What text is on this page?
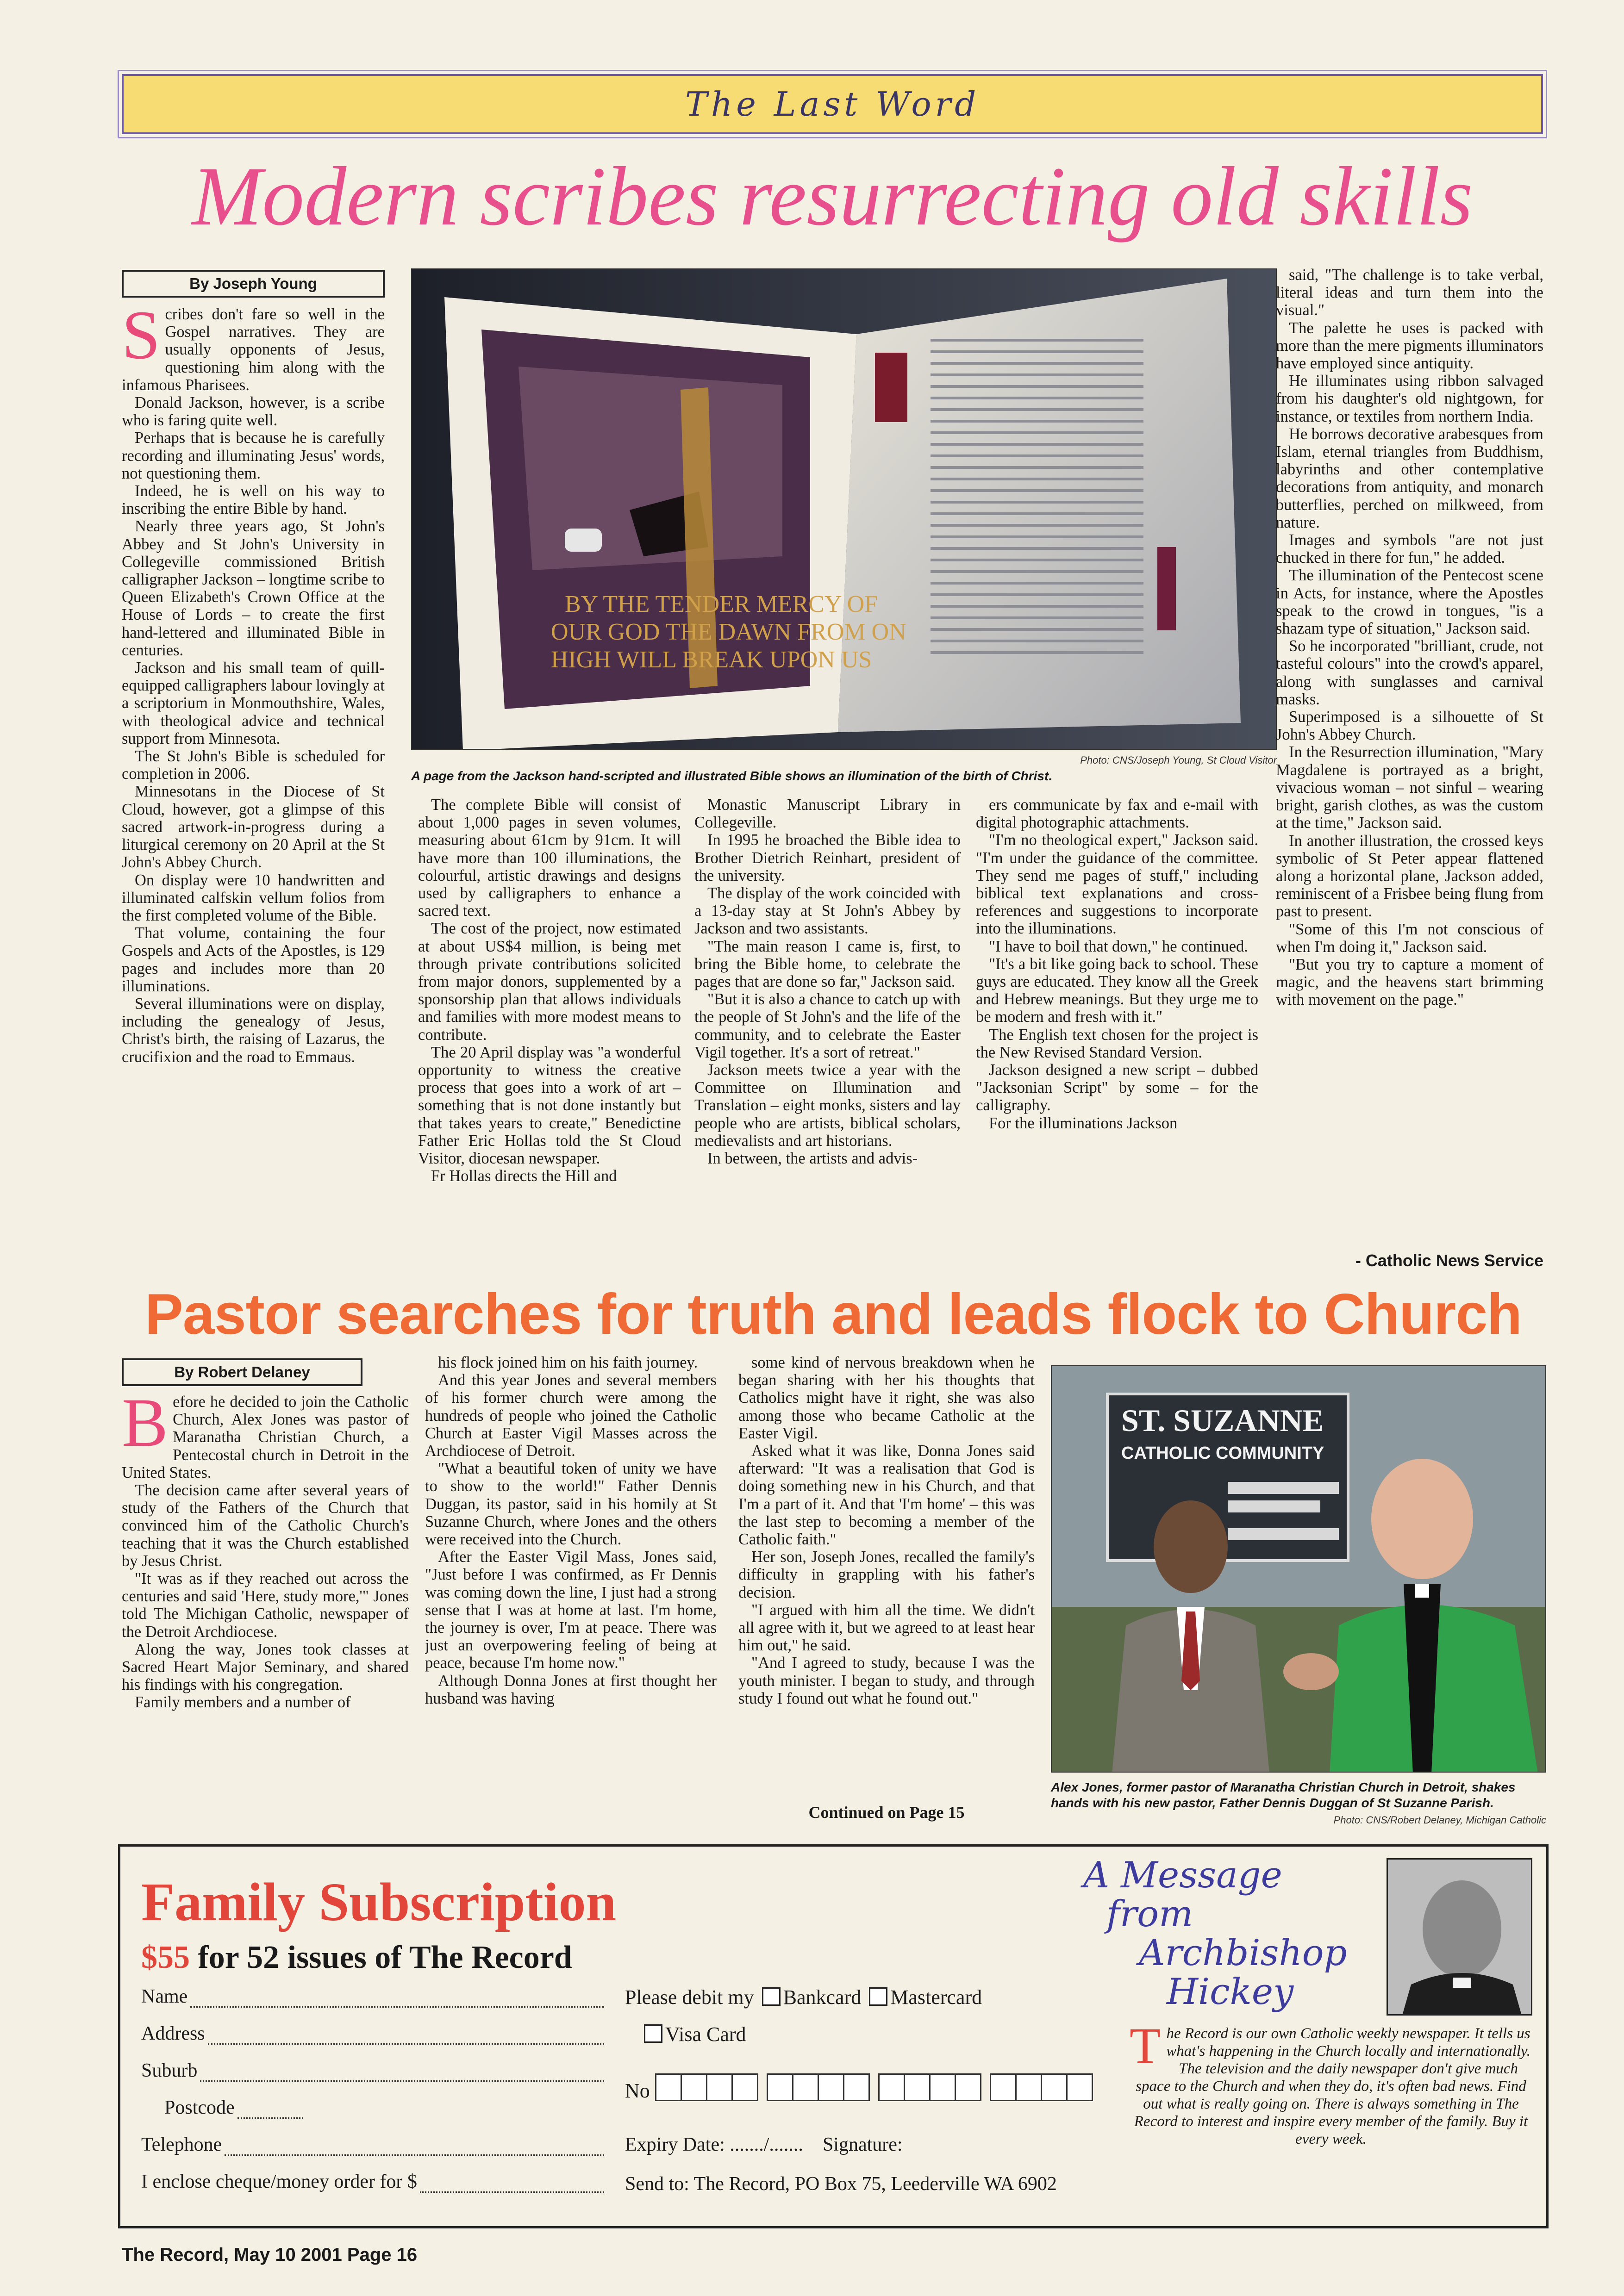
The Last Word
Modern scribes resurrecting old skills
By Joseph Young

Scribes don't fare so well in the Gospel narratives. They are usually opponents of Jesus, questioning him along with the infamous Pharisees.

Donald Jackson, however, is a scribe who is faring quite well.

Perhaps that is because he is carefully recording and illuminating Jesus' words, not questioning them.

Indeed, he is well on his way to inscribing the entire Bible by hand.

Nearly three years ago, St John's Abbey and St John's University in Collegeville commissioned British calligrapher Jackson – longtime scribe to Queen Elizabeth's Crown Office at the House of Lords – to create the first hand-lettered and illuminated Bible in centuries.

Jackson and his small team of quill-equipped calligraphers labour lovingly at a scriptorium in Monmouthshire, Wales, with theological advice and technical support from Minnesota.

The St John's Bible is scheduled for completion in 2006.

Minnesotans in the Diocese of St Cloud, however, got a glimpse of this sacred artwork-in-progress during a liturgical ceremony on 20 April at the St John's Abbey Church.

On display were 10 handwritten and illuminated calfskin vellum folios from the first completed volume of the Bible.

That volume, containing the four Gospels and Acts of the Apostles, is 129 pages and includes more than 20 illuminations.

Several illuminations were on display, including the genealogy of Jesus, Christ's birth, the raising of Lazarus, the crucifixion and the road to Emmaus.

BY THE TENDER MERCY OF
OUR GOD THE DAWN FROM ON
HIGH WILL BREAK UPON US
Photo: CNS/Joseph Young, St Cloud Visitor
A page from the Jackson hand-scripted and illustrated Bible shows an illumination of the birth of Christ.

The complete Bible will consist of about 1,000 pages in seven volumes, measuring about 61cm by 91cm. It will have more than 100 illuminations, the colourful, artistic drawings and designs used by calligraphers to enhance a sacred text.

The cost of the project, now estimated at about US$4 million, is being met through private contributions solicited from major donors, supplemented by a sponsorship plan that allows individuals and families with more modest means to contribute.

The 20 April display was "a wonderful opportunity to witness the creative process that goes into a work of art – something that is not done instantly but that takes years to create," Benedictine Father Eric Hollas told the St Cloud Visitor, diocesan newspaper.

Fr Hollas directs the Hill and

Monastic Manuscript Library in Collegeville.

In 1995 he broached the Bible idea to Brother Dietrich Reinhart, president of the university.

The display of the work coincided with a 13-day stay at St John's Abbey by Jackson and two assistants.

"The main reason I came is, first, to bring the Bible home, to celebrate the pages that are done so far," Jackson said.

"But it is also a chance to catch up with the people of St John's and the life of the community, and to celebrate the Easter Vigil together. It's a sort of retreat."

Jackson meets twice a year with the Committee on Illumination and Translation – eight monks, sisters and lay people who are artists, biblical scholars, medievalists and art historians.

In between, the artists and advis-

ers communicate by fax and e-mail with digital photographic attachments.

"I'm no theological expert," Jackson said. "I'm under the guidance of the committee. They send me pages of stuff," including biblical text explanations and cross-references and suggestions to incorporate into the illuminations.

"I have to boil that down," he continued.

"It's a bit like going back to school. These guys are educated. They know all the Greek and Hebrew meanings. But they urge me to be modern and fresh with it."

The English text chosen for the project is the New Revised Standard Version.

Jackson designed a new script – dubbed "Jacksonian Script" by some – for the calligraphy.

For the illuminations Jackson

said, "The challenge is to take verbal, literal ideas and turn them into the visual."

The palette he uses is packed with more than the mere pigments illuminators have employed since antiquity.

He illuminates using ribbon salvaged from his daughter's old nightgown, for instance, or textiles from northern India.

He borrows decorative arabesques from Islam, eternal triangles from Buddhism, labyrinths and other contemplative decorations from antiquity, and monarch butterflies, perched on milkweed, from nature.

Images and symbols "are not just chucked in there for fun," he added.

The illumination of the Pentecost scene in Acts, for instance, where the Apostles speak to the crowd in tongues, "is a shazam type of situation," Jackson said.

So he incorporated "brilliant, crude, not tasteful colours" into the crowd's apparel, along with sunglasses and carnival masks.

Superimposed is a silhouette of St John's Abbey Church.

In the Resurrection illumination, "Mary Magdalene is portrayed as a bright, vivacious woman – not sinful – wearing bright, garish clothes, as was the custom at the time," Jackson said.

In another illustration, the crossed keys symbolic of St Peter appear flattened along a horizontal plane, Jackson added, reminiscent of a Frisbee being flung from past to present.

"Some of this I'm not conscious of when I'm doing it," Jackson said.

"But you try to capture a moment of magic, and the heavens start brimming with movement on the page."

- Catholic News Service
Pastor searches for truth and leads flock to Church
By Robert Delaney

Before he decided to join the Catholic Church, Alex Jones was pastor of Maranatha Christian Church, a Pentecostal church in Detroit in the United States.

The decision came after several years of study of the Fathers of the Church that convinced him of the Catholic Church's teaching that it was the Church established by Jesus Christ.

"It was as if they reached out across the centuries and said 'Here, study more,'" Jones told The Michigan Catholic, newspaper of the Detroit Archdiocese.

Along the way, Jones took classes at Sacred Heart Major Seminary, and shared his findings with his congregation.

Family members and a number of

his flock joined him on his faith journey.

And this year Jones and several members of his former church were among the hundreds of people who joined the Catholic Church at Easter Vigil Masses across the Archdiocese of Detroit.

"What a beautiful token of unity we have to show to the world!" Father Dennis Duggan, its pastor, said in his homily at St Suzanne Church, where Jones and the others were received into the Church.

After the Easter Vigil Mass, Jones said, "Just before I was confirmed, as Fr Dennis was coming down the line, I just had a strong sense that I was at home at last. I'm home, the journey is over, I'm at peace. There was just an overpowering feeling of being at peace, because I'm home now."

Although Donna Jones at first thought her husband was having

some kind of nervous breakdown when he began sharing with her his thoughts that Catholics might have it right, she was also among those who became Catholic at the Easter Vigil.

Asked what it was like, Donna Jones said afterward: "It was a realisation that God is doing something new in his Church, and that I'm a part of it. And that 'I'm home' – this was the last step to becoming a member of the Catholic faith."

Her son, Joseph Jones, recalled the family's difficulty in grappling with his father's decision.

"I argued with him all the time. We didn't all agree with it, but we agreed to at least hear him out," he said.

"And I agreed to study, because I was the youth minister. I began to study, and through study I found out what he found out."

Continued on Page 15
ST. SUZANNE
CATHOLIC COMMUNITY
Alex Jones, former pastor of Maranatha Christian Church in Detroit, shakes hands with his new pastor, Father Dennis Duggan of St Suzanne Parish.
Photo: CNS/Robert Delaney, Michigan Catholic
Family Subscription
$55 for 52 issues of The Record
Name
Address
Suburb
Postcode
Telephone
I enclose cheque/money order for $
Please debit my Bankcard Mastercard
Visa Card
No
Expiry Date: ......./....... Signature:
Send to: The Record, PO Box 75, Leederville WA 6902
A Message
from
Archbishop
Hickey
The Record is our own Catholic weekly newspaper. It tells us what's happening in the Church locally and internationally. The television and the daily newspaper don't give much space to the Church and when they do, it's often bad news. Find out what is really going on. There is always something in The Record to interest and inspire every member of the family. Buy it every week.
The Record, May 10 2001 Page 16
